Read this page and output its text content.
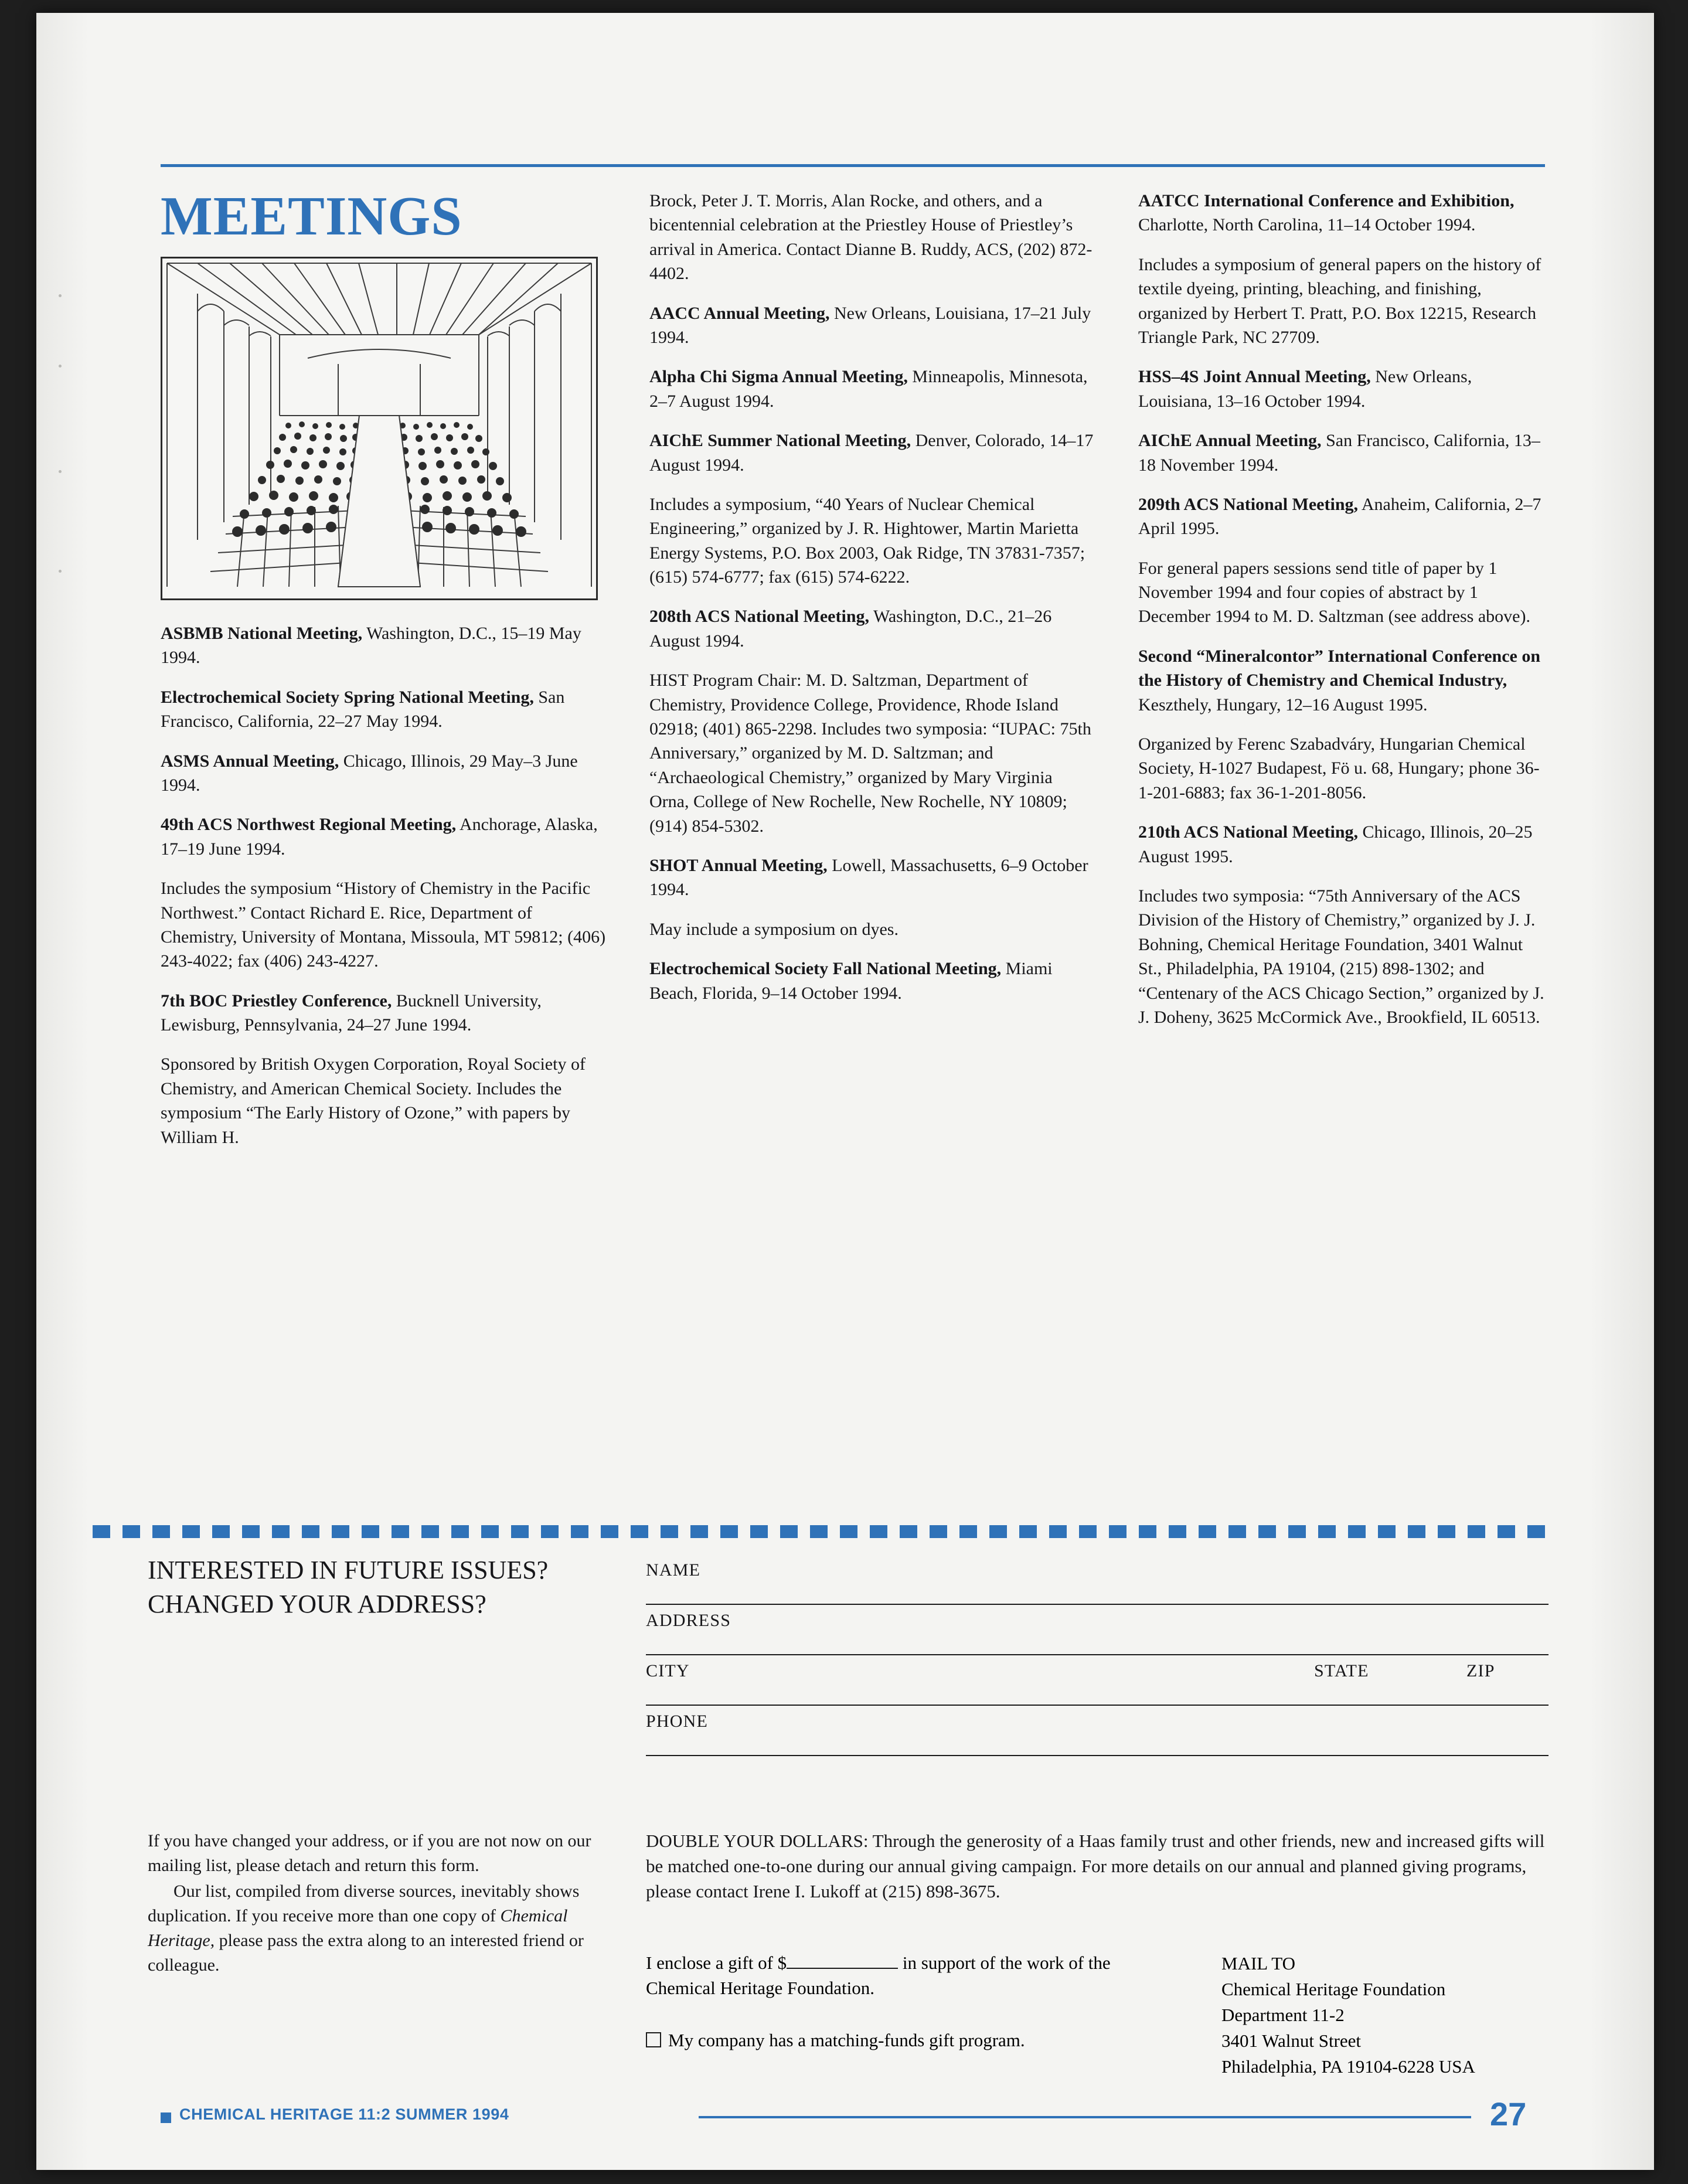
MEETINGS

ASBMB National Meeting, Washington, D.C., 15–19 May 1994.

Electrochemical Society Spring National Meeting, San Francisco, California, 22–27 May 1994.

ASMS Annual Meeting, Chicago, Illinois, 29 May–3 June 1994.

49th ACS Northwest Regional Meeting, Anchorage, Alaska, 17–19 June 1994.

Includes the symposium “History of Chemistry in the Pacific Northwest.” Contact Richard E. Rice, Department of Chemistry, University of Montana, Missoula, MT 59812; (406) 243-4022; fax (406) 243-4227.

7th BOC Priestley Conference, Bucknell University, Lewisburg, Pennsylvania, 24–27 June 1994.

Sponsored by British Oxygen Corporation, Royal Society of Chemistry, and American Chemical Society. Includes the symposium “The Early History of Ozone,” with papers by William H.

Brock, Peter J. T. Morris, Alan Rocke, and others, and a bicentennial celebration at the Priestley House of Priestley’s arrival in America. Contact Dianne B. Ruddy, ACS, (202) 872-4402.

AACC Annual Meeting, New Orleans, Louisiana, 17–21 July 1994.

Alpha Chi Sigma Annual Meeting, Minneapolis, Minnesota, 2–7 August 1994.

AIChE Summer National Meeting, Denver, Colorado, 14–17 August 1994.

Includes a symposium, “40 Years of Nuclear Chemical Engineering,” organized by J. R. Hightower, Martin Marietta Energy Systems, P.O. Box 2003, Oak Ridge, TN 37831-7357; (615) 574-6777; fax (615) 574-6222.

208th ACS National Meeting, Washington, D.C., 21–26 August 1994.

HIST Program Chair: M. D. Saltzman, Department of Chemistry, Providence College, Providence, Rhode Island 02918; (401) 865-2298. Includes two symposia: “IUPAC: 75th Anniversary,” organized by M. D. Saltzman; and “Archaeological Chemistry,” organized by Mary Virginia Orna, College of New Rochelle, New Rochelle, NY 10809; (914) 854-5302.

SHOT Annual Meeting, Lowell, Massachusetts, 6–9 October 1994.

May include a symposium on dyes.

Electrochemical Society Fall National Meeting, Miami Beach, Florida, 9–14 October 1994.

AATCC International Conference and Exhibition, Charlotte, North Carolina, 11–14 October 1994.

Includes a symposium of general papers on the history of textile dyeing, printing, bleaching, and finishing, organized by Herbert T. Pratt, P.O. Box 12215, Research Triangle Park, NC 27709.

HSS–4S Joint Annual Meeting, New Orleans, Louisiana, 13–16 October 1994.

AIChE Annual Meeting, San Francisco, California, 13–18 November 1994.

209th ACS National Meeting, Anaheim, California, 2–7 April 1995.

For general papers sessions send title of paper by 1 November 1994 and four copies of abstract by 1 December 1994 to M. D. Saltzman (see address above).

Second “Mineralcontor” International Conference on the History of Chemistry and Chemical Industry, Keszthely, Hungary, 12–16 August 1995.

Organized by Ferenc Szabadváry, Hungarian Chemical Society, H-1027 Budapest, Fö u. 68, Hungary; phone 36-1-201-6883; fax 36-1-201-8056.

210th ACS National Meeting, Chicago, Illinois, 20–25 August 1995.

Includes two symposia: “75th Anniversary of the ACS Division of the History of Chemistry,” organized by J. J. Bohning, Chemical Heritage Foundation, 3401 Walnut St., Philadelphia, PA 19104, (215) 898-1302; and “Centenary of the ACS Chicago Section,” organized by J. J. Doheny, 3625 McCormick Ave., Brookfield, IL 60513.

INTERESTED IN FUTURE ISSUES? CHANGED YOUR ADDRESS?

If you have changed your address, or if you are not now on our mailing list, please detach and return this form.

Our list, compiled from diverse sources, inevitably shows duplication. If you receive more than one copy of Chemical Heritage, please pass the extra along to an interested friend or colleague.

NAME
ADDRESS
CITY	STATE	ZIP
PHONE

DOUBLE YOUR DOLLARS: Through the generosity of a Haas family trust and other friends, new and increased gifts will be matched one-to-one during our annual giving campaign. For more details on our annual and planned giving programs, please contact Irene I. Lukoff at (215) 898-3675.

I enclose a gift of $	in support of the work of the Chemical Heritage Foundation.
My company has a matching-funds gift program.
MAIL TO
Chemical Heritage Foundation
Department 11-2
3401 Walnut Street
Philadelphia, PA 19104-6228 USA
CHEMICAL HERITAGE 11:2 SUMMER 1994	27
